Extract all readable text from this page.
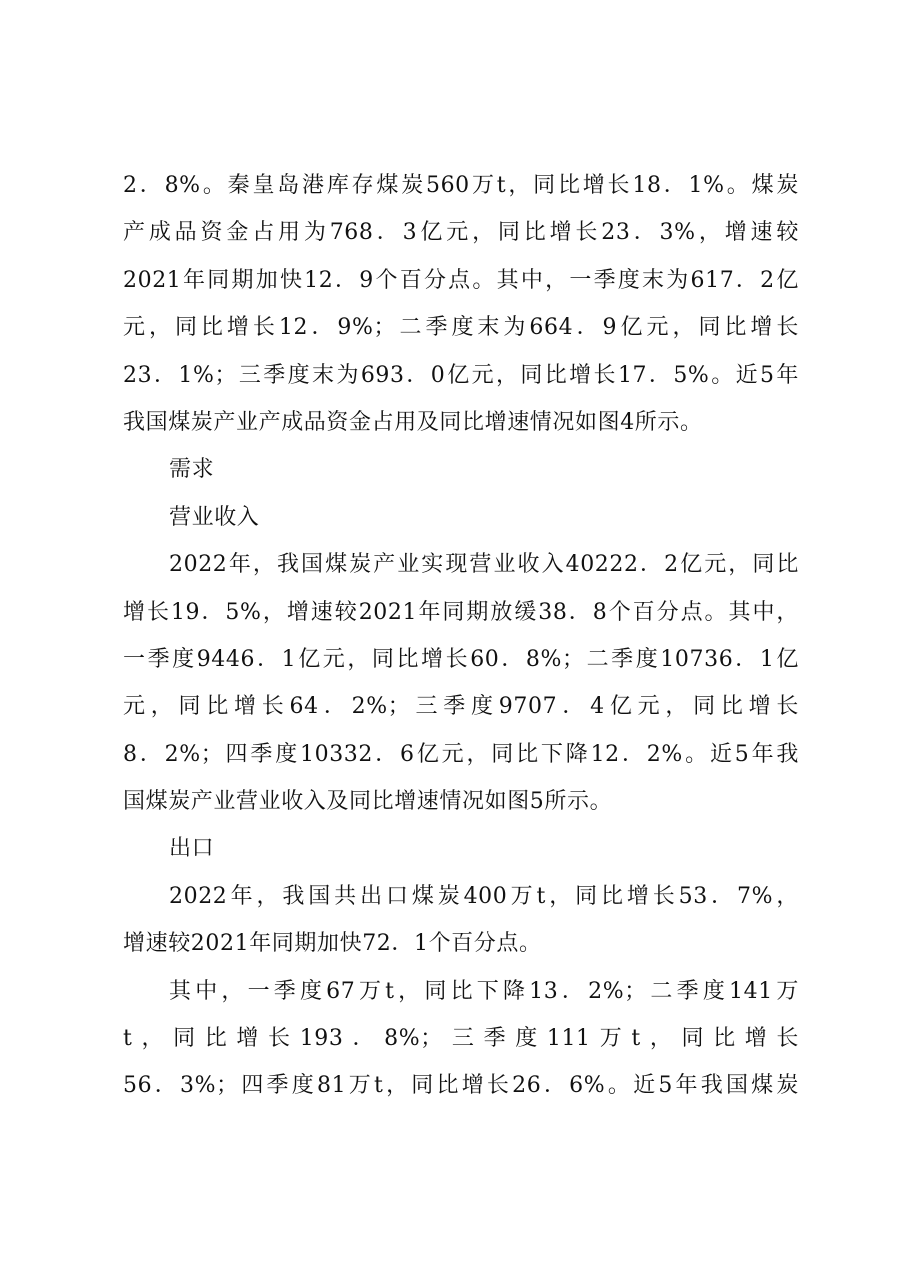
2．8%。秦皇岛港库存煤炭560万t，同比增长18．1%。煤炭
产成品资金占用为768．3亿元，同比增长23．3%，增速较
2021年同期加快12．9个百分点。其中，一季度末为617．2亿
元，同比增长12．9%；二季度末为664．9亿元，同比增长
23．1%；三季度末为693．0亿元，同比增长17．5%。近5年
我国煤炭产业产成品资金占用及同比增速情况如图4所示。
需求
营业收入
2022年，我国煤炭产业实现营业收入40222．2亿元，同比
增长19．5%，增速较2021年同期放缓38．8个百分点。其中，
一季度9446．1亿元，同比增长60．8%；二季度10736．1亿
元，同比增长64．2%；三季度9707．4亿元，同比增长
8．2%；四季度10332．6亿元，同比下降12．2%。近5年我
国煤炭产业营业收入及同比增速情况如图5所示。
出口
2022年，我国共出口煤炭400万t，同比增长53．7%，
增速较2021年同期加快72．1个百分点。
其中，一季度67万t，同比下降13．2%；二季度141万
t，同比增长193．8%；三季度111万t，同比增长
56．3%；四季度81万t，同比增长26．6%。近5年我国煤炭
